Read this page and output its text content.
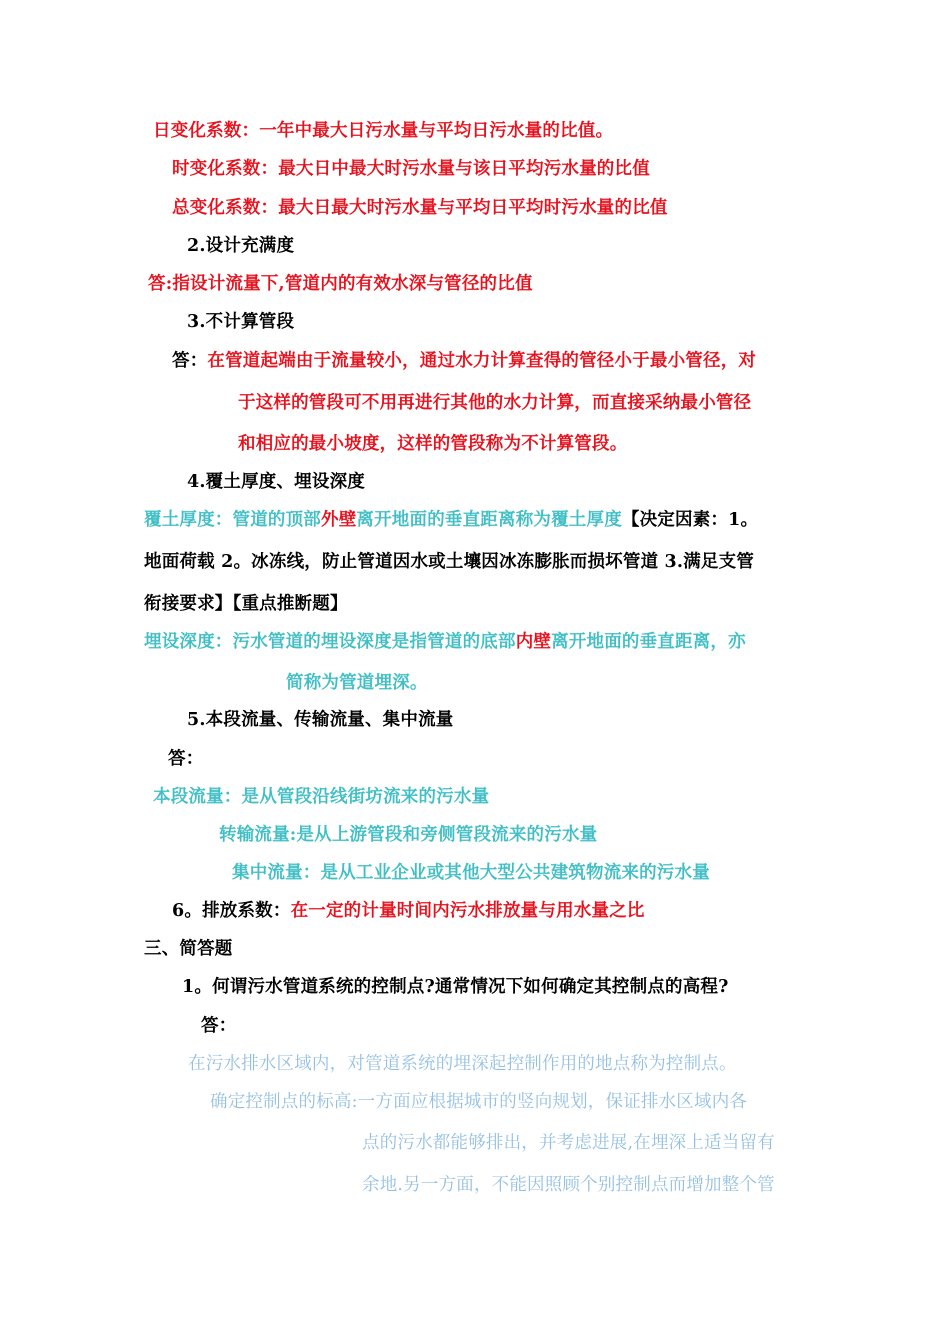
日变化系数：一年中最大日污水量与平均日污水量的比值。
时变化系数：最大日中最大时污水量与该日平均污水量的比值
总变化系数：最大日最大时污水量与平均日平均时污水量的比值
2.设计充满度
答:指设计流量下,管道内的有效水深与管径的比值
3.不计算管段
答：在管道起端由于流量较小，通过水力计算查得的管径小于最小管径，对
于这样的管段可不用再进行其他的水力计算，而直接采纳最小管径
和相应的最小坡度，这样的管段称为不计算管段。
4.覆土厚度、埋设深度
覆土厚度：管道的顶部外壁离开地面的垂直距离称为覆土厚度【决定因素：1。
地面荷载 2。冰冻线，防止管道因水或土壤因冰冻膨胀而损坏管道 3.满足支管
衔接要求】【重点推断题】
埋设深度：污水管道的埋设深度是指管道的底部内壁离开地面的垂直距离，亦
简称为管道埋深。
5.本段流量、传输流量、集中流量
答：
本段流量：是从管段沿线街坊流来的污水量
转输流量:是从上游管段和旁侧管段流来的污水量
集中流量：是从工业企业或其他大型公共建筑物流来的污水量
6。排放系数：在一定的计量时间内污水排放量与用水量之比
三、简答题
1。何谓污水管道系统的控制点?通常情况下如何确定其控制点的高程?
答：
在污水排水区域内，对管道系统的埋深起控制作用的地点称为控制点。
确定控制点的标高:一方面应根据城市的竖向规划，保证排水区域内各
点的污水都能够排出，并考虑进展,在埋深上适当留有
余地.另一方面，不能因照顾个别控制点而增加整个管
